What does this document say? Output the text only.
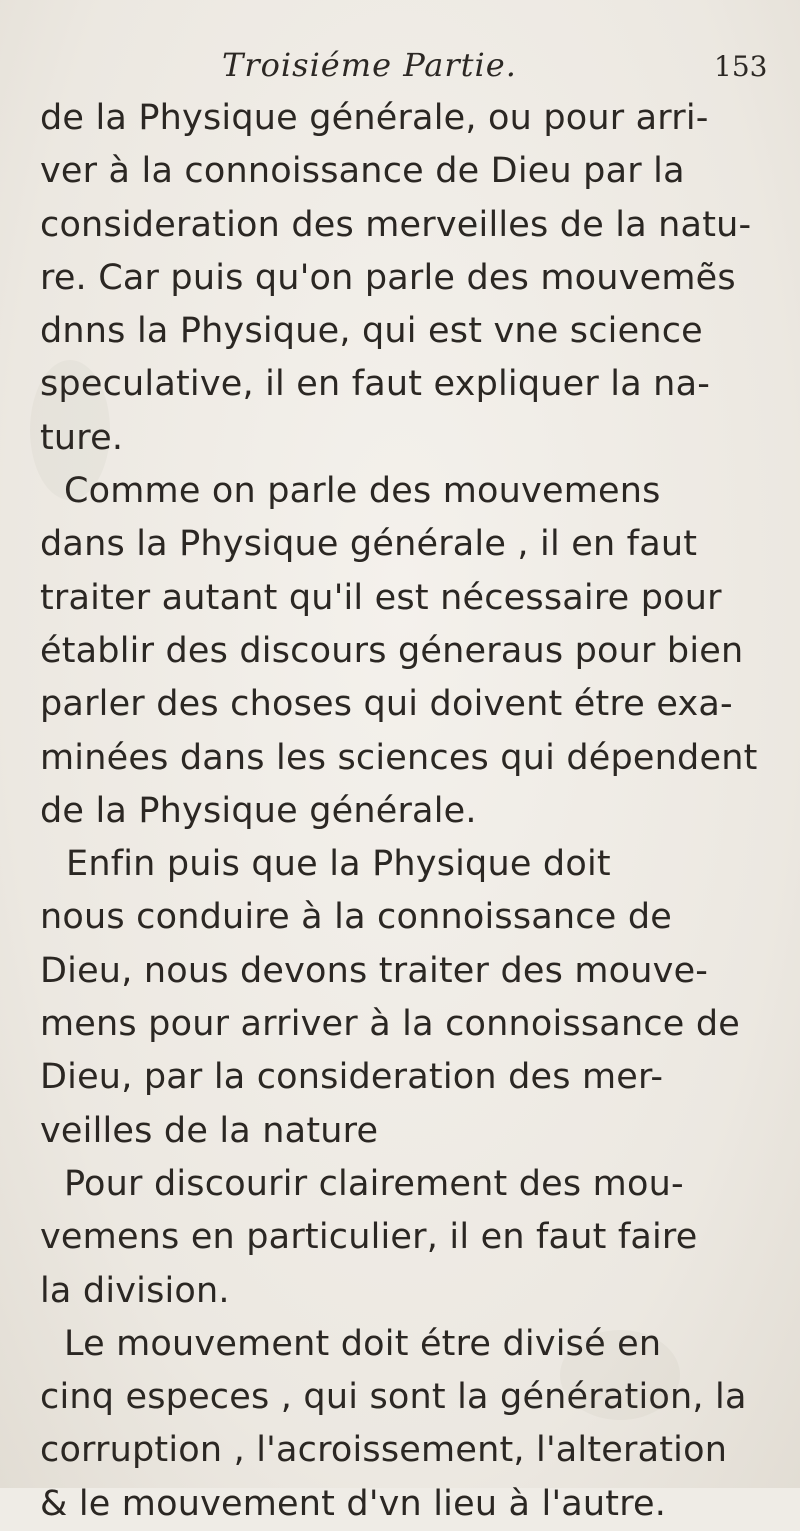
Troisiéme Partie.	153
de la Physique générale, ou pour arri-
ver à la connoissance de Dieu par la
consideration des merveilles de la natu-
re. Car puis qu'on parle des mouvemẽs
dnns la Physique, qui est vne science
speculative, il en faut expliquer la na-
ture.
Comme on parle des mouvemens
dans la Physique générale , il en faut
traiter autant qu'il est nécessaire pour
établir des discours géneraus pour bien
parler des choses qui doivent étre exa-
minées dans les sciences qui dépendent
de la Physique générale.
Enfin puis que la Physique doit
nous conduire à la connoissance de
Dieu, nous devons traiter des mouve-
mens pour arriver à la connoissance de
Dieu, par la consideration des mer-
veilles de la nature
Pour discourir clairement des mou-
vemens en particulier, il en faut faire
la division.
Le mouvement doit étre divisé en
cinq especes , qui sont la génération, la
corruption , l'acroissement, l'alteration
& le mouvement d'vn lieu à l'autre.
